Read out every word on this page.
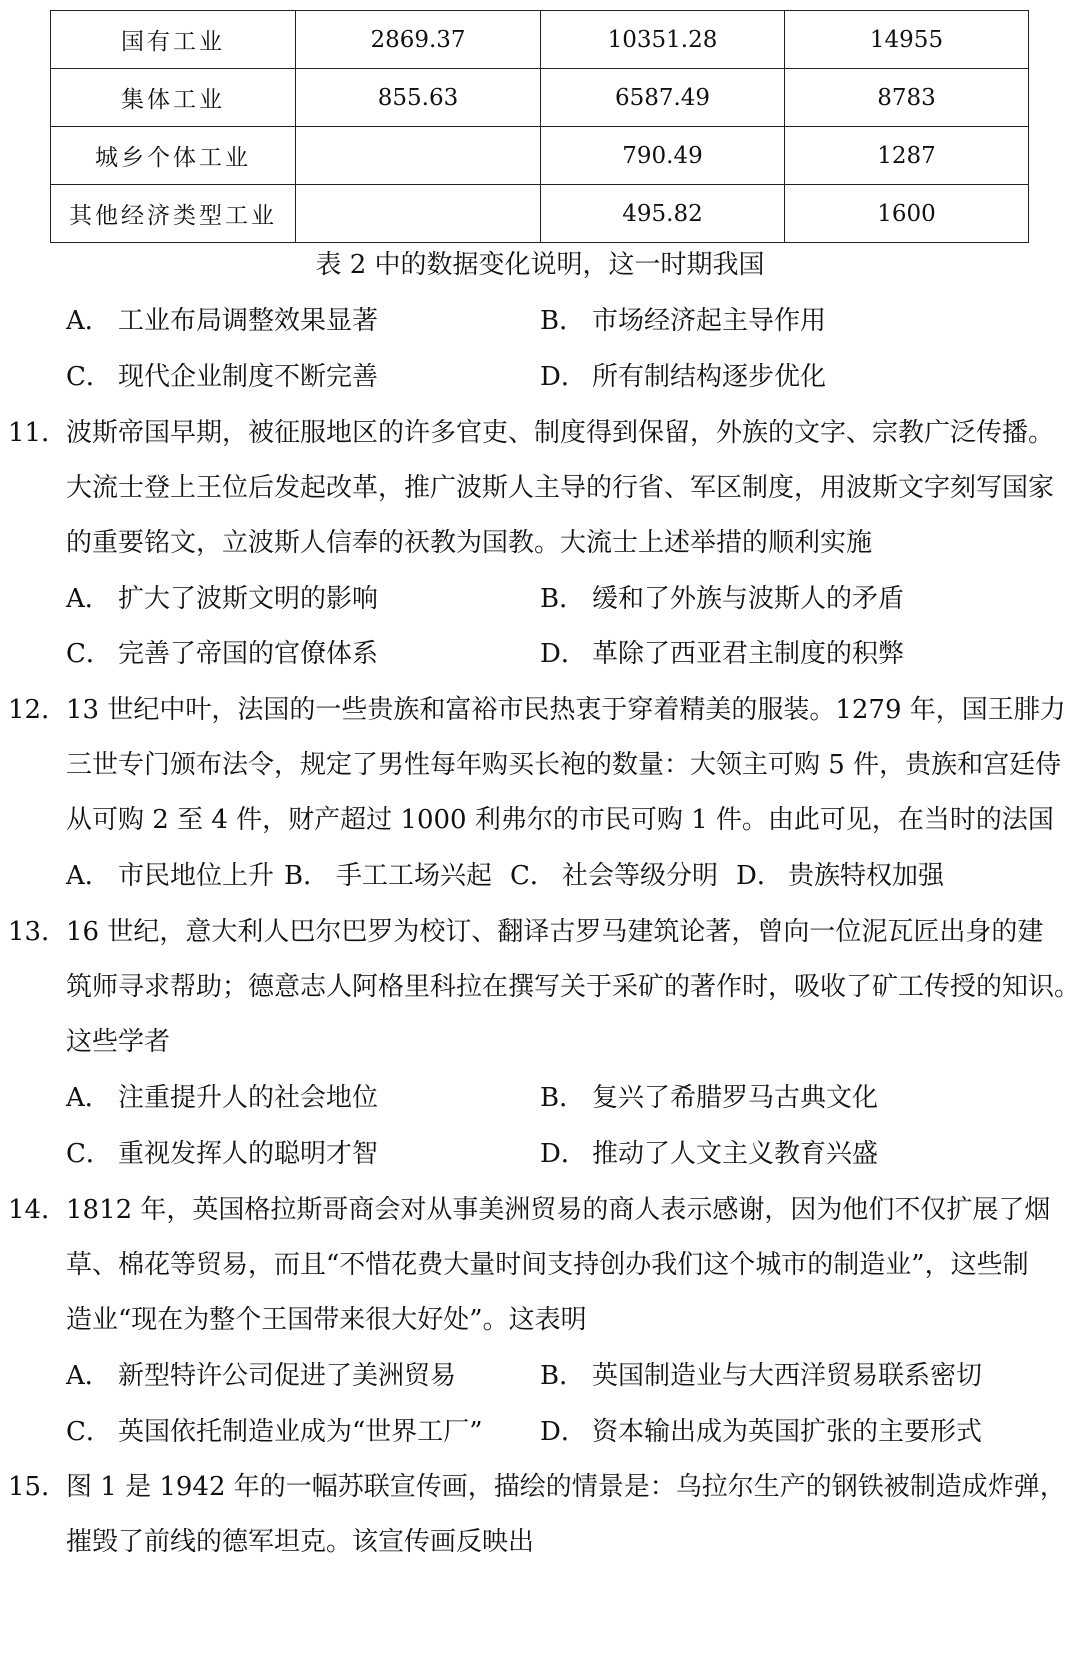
国有工业	2869.37	10351.28	14955
集体工业	855.63	6587.49	8783
城乡个体工业		790.49	1287
其他经济类型工业		495.82	1600
表 2 中的数据变化说明，这一时期我国
A． 工业布局调整效果显著	B． 市场经济起主导作用
C． 现代企业制度不断完善	D． 所有制结构逐步优化
11．
波斯帝国早期，被征服地区的许多官吏、制度得到保留，外族的文字、宗教广泛传播。
大流士登上王位后发起改革，推广波斯人主导的行省、军区制度，用波斯文字刻写国家
的重要铭文，立波斯人信奉的祆教为国教。大流士上述举措的顺利实施
A． 扩大了波斯文明的影响	B． 缓和了外族与波斯人的矛盾
C． 完善了帝国的官僚体系	D． 革除了西亚君主制度的积弊
12．
13 世纪中叶，法国的一些贵族和富裕市民热衷于穿着精美的服装。1279 年，国王腓力
三世专门颁布法令，规定了男性每年购买长袍的数量：大领主可购 5 件，贵族和宫廷侍
从可购 2 至 4 件，财产超过 1000 利弗尔的市民可购 1 件。由此可见，在当时的法国
A． 市民地位上升 B． 手工工场兴起 C． 社会等级分明 D． 贵族特权加强
13．
16 世纪，意大利人巴尔巴罗为校订、翻译古罗马建筑论著，曾向一位泥瓦匠出身的建
筑师寻求帮助；德意志人阿格里科拉在撰写关于采矿的著作时，吸收了矿工传授的知识。
这些学者
A． 注重提升人的社会地位	B． 复兴了希腊罗马古典文化
C． 重视发挥人的聪明才智	D． 推动了人文主义教育兴盛
14．
1812 年，英国格拉斯哥商会对从事美洲贸易的商人表示感谢，因为他们不仅扩展了烟
草、棉花等贸易，而且“不惜花费大量时间支持创办我们这个城市的制造业”，这些制
造业“现在为整个王国带来很大好处”。这表明
A． 新型特许公司促进了美洲贸易	B． 英国制造业与大西洋贸易联系密切
C． 英国依托制造业成为“世界工厂” D． 资本输出成为英国扩张的主要形式
15．
图 1 是 1942 年的一幅苏联宣传画，描绘的情景是：乌拉尔生产的钢铁被制造成炸弹，
摧毁了前线的德军坦克。该宣传画反映出
